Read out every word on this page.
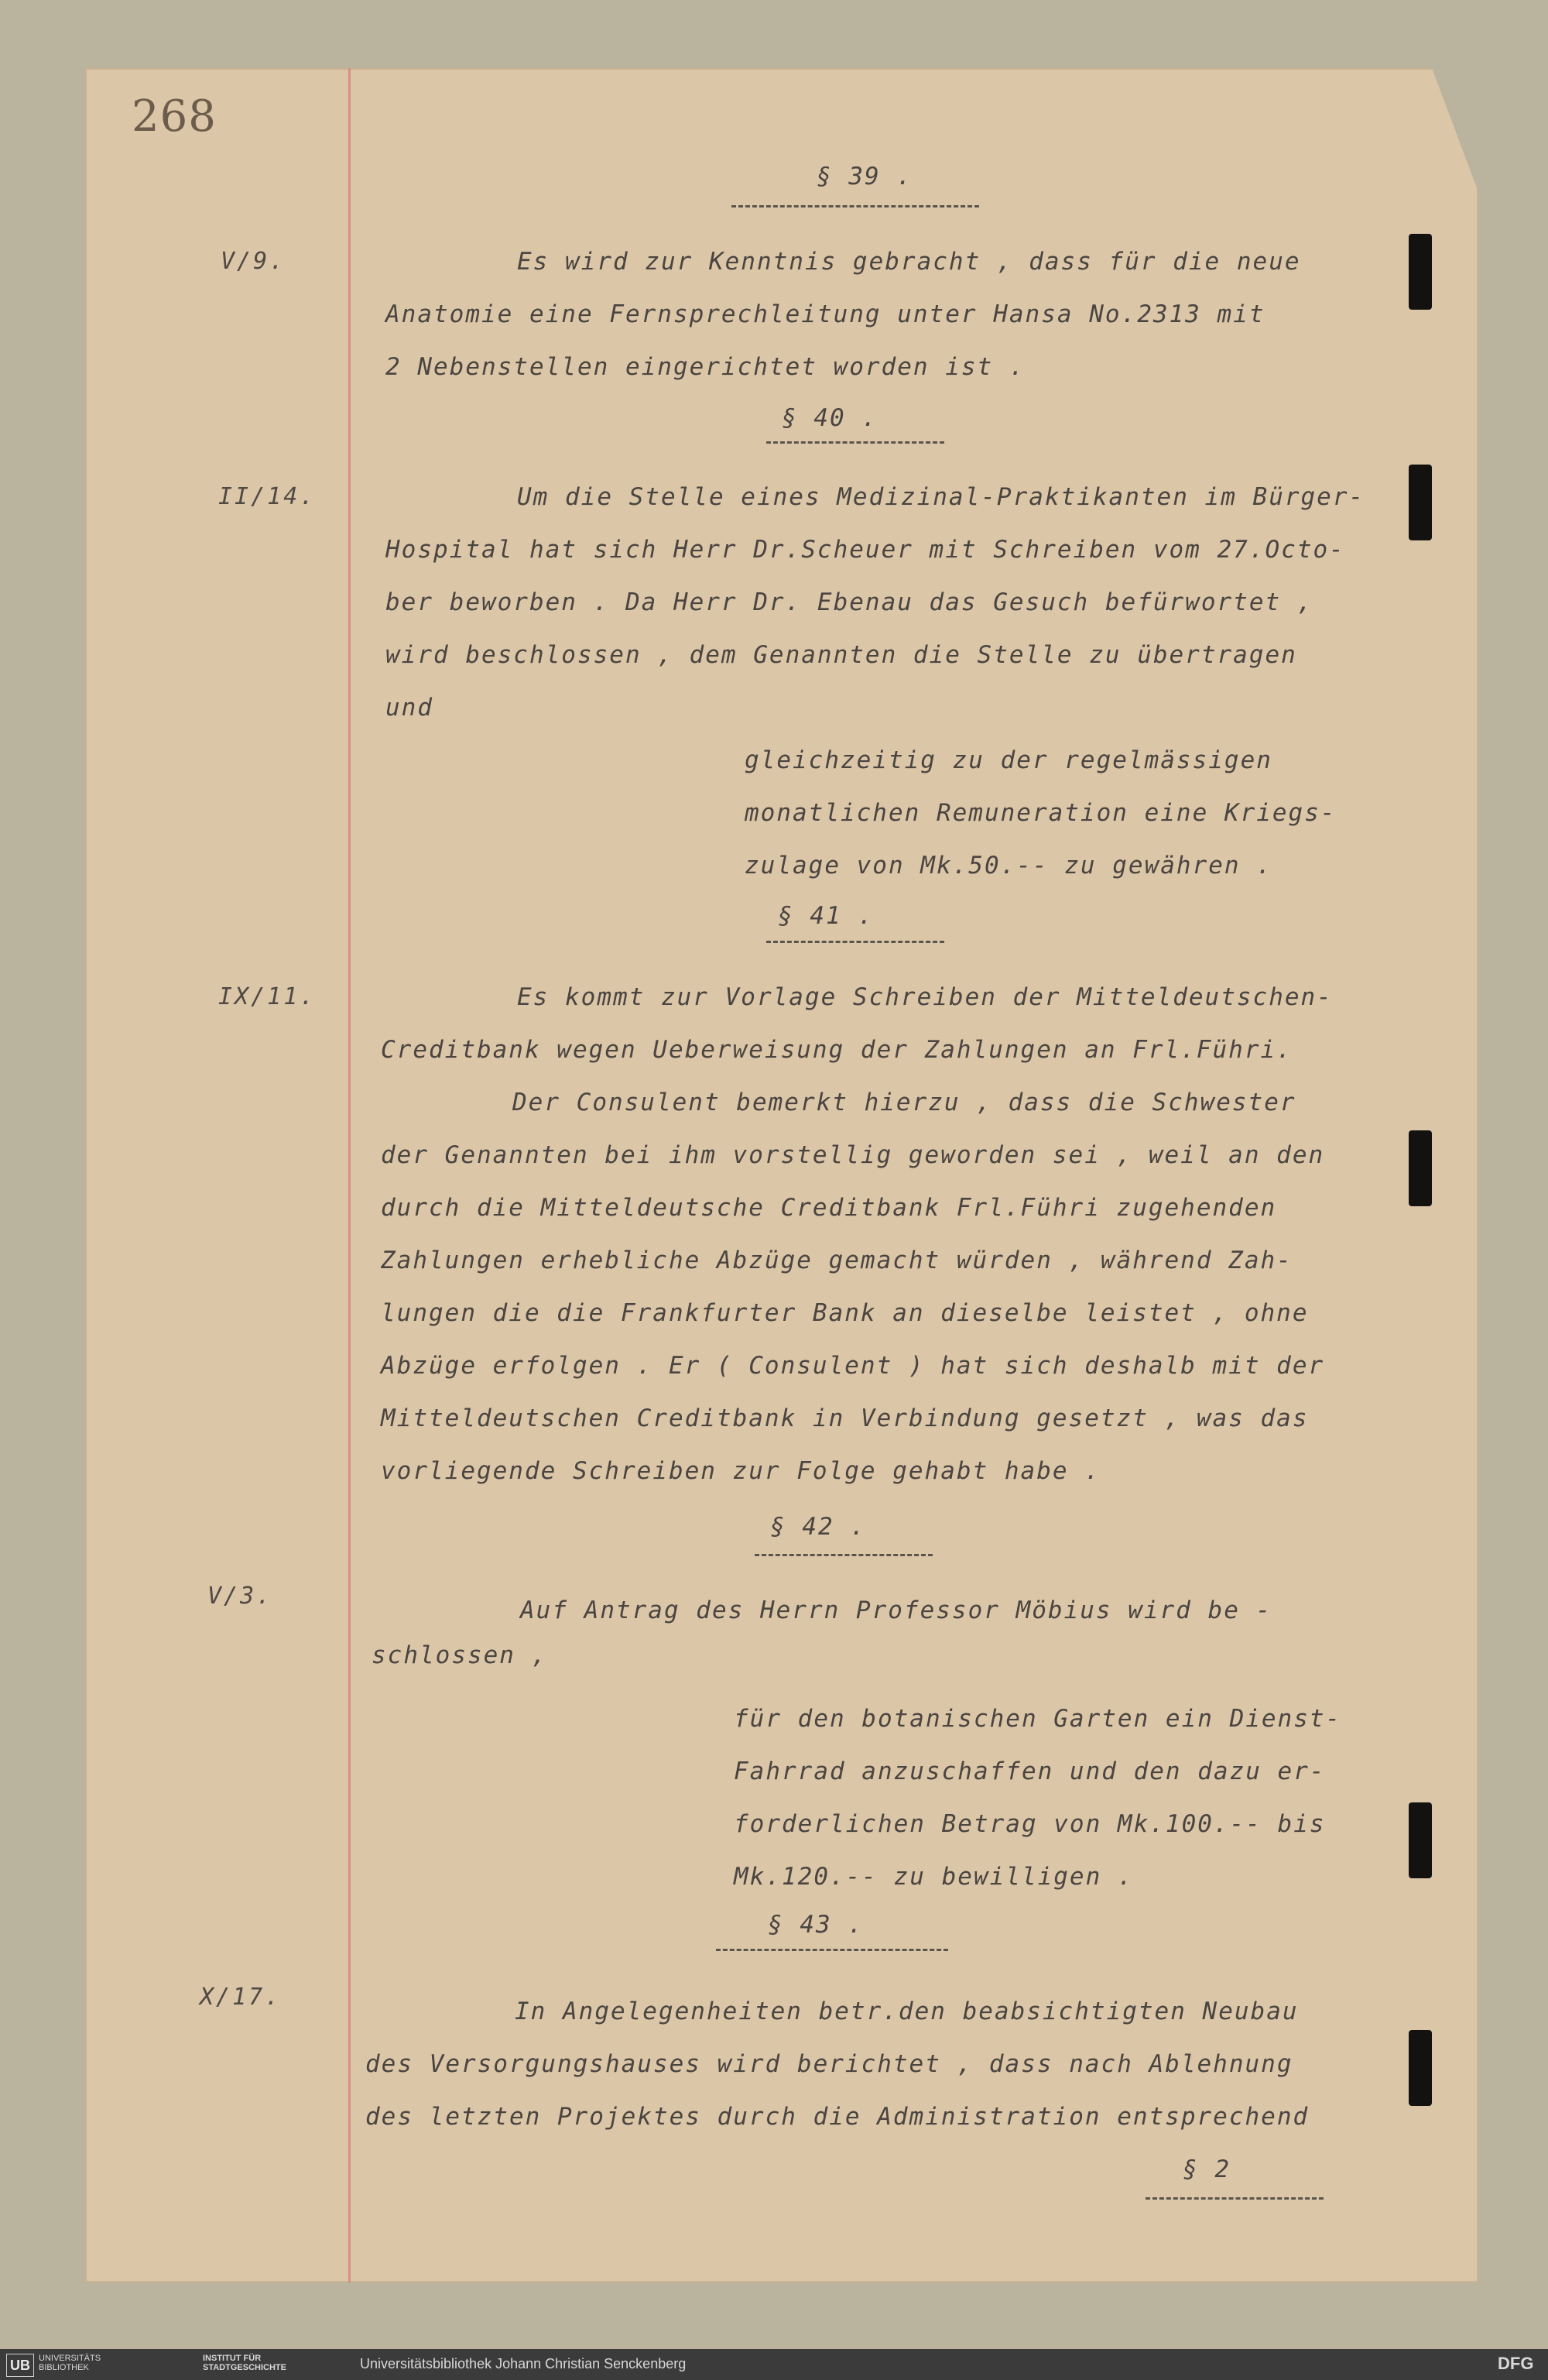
268
§ 39 .
V/9.	Es wird zur Kenntnis gebracht , dass für die neue
Anatomie eine Fernsprechleitung unter Hansa No.2313 mit
2 Nebenstellen eingerichtet worden ist .
§ 40 .
II/14.	Um die Stelle eines Medizinal-Praktikanten im Bürger-
Hospital hat sich Herr Dr.Scheuer mit Schreiben vom 27.Octo-
ber beworben . Da Herr Dr. Ebenau das Gesuch befürwortet ,
wird beschlossen , dem Genannten die Stelle zu übertragen
und
gleichzeitig zu der regelmässigen
monatlichen Remuneration eine Kriegs-
zulage von Mk.50.-- zu gewähren .
§ 41 .
IX/11.	Es kommt zur Vorlage Schreiben der Mitteldeutschen-
Creditbank wegen Ueberweisung der Zahlungen an Frl.Führi.
Der Consulent bemerkt hierzu , dass die Schwester
der Genannten bei ihm vorstellig geworden sei , weil an den
durch die Mitteldeutsche Creditbank Frl.Führi zugehenden
Zahlungen erhebliche Abzüge gemacht würden , während Zah-
lungen die die Frankfurter Bank an dieselbe leistet , ohne
Abzüge erfolgen . Er ( Consulent ) hat sich deshalb mit der
Mitteldeutschen Creditbank in Verbindung gesetzt , was das
vorliegende Schreiben zur Folge gehabt habe .
§ 42 .
V/3.
Auf Antrag des Herrn Professor Möbius wird be -
schlossen ,
für den botanischen Garten ein Dienst-
Fahrrad anzuschaffen und den dazu er-
forderlichen Betrag von Mk.100.-- bis
Mk.120.-- zu bewilligen .
§ 43 .
X/17.
In Angelegenheiten betr.den beabsichtigten Neubau
des Versorgungshauses wird berichtet , dass nach Ablehnung
des letzten Projektes durch die Administration entsprechend
§ 2
UB	UNIVERSITÄTS BIBLIOTHEK
INSTITUT FÜR STADTGESCHICHTE	Universitätsbibliothek Johann Christian Senckenberg	DFG
